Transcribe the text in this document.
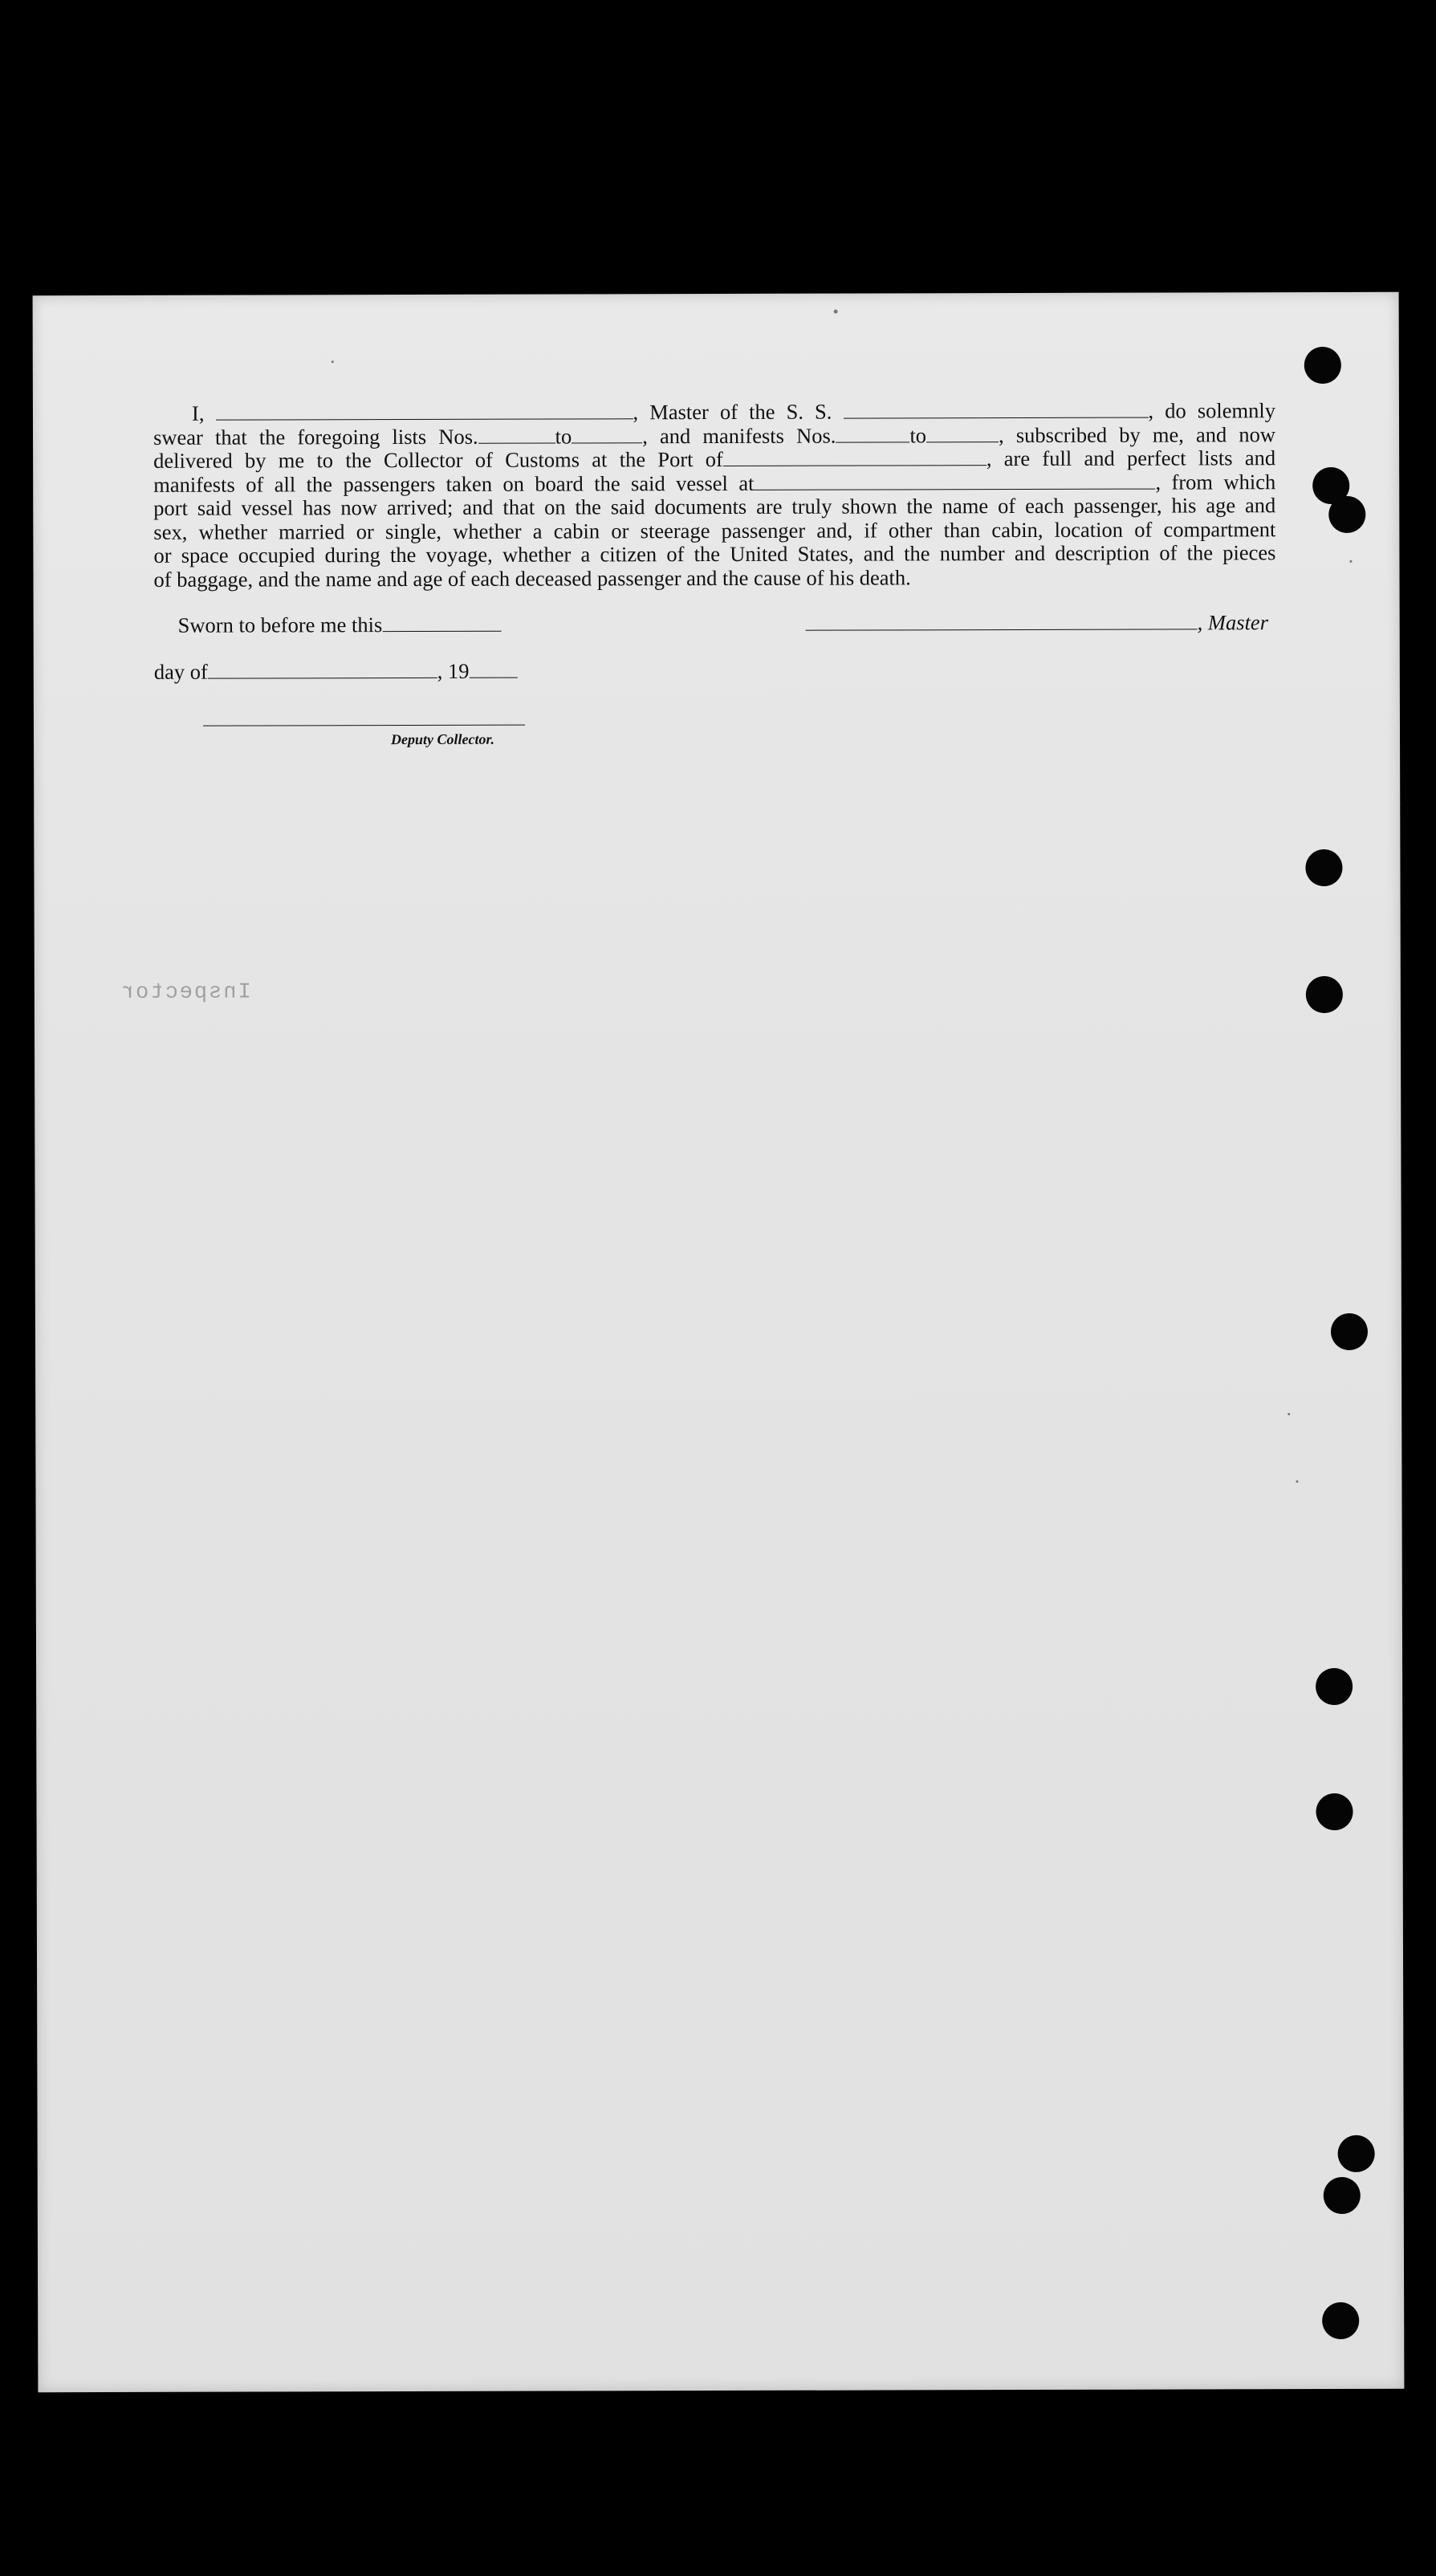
I,	, Master of the S. S.	, do solemnly
swear that the foregoing lists Nos.	to	, and manifests Nos.	to	, subscribed by me, and now
delivered by me to the Collector of Customs at the Port of	, are full and perfect lists and
manifests of all the passengers taken on board the said vessel at	, from which
port said vessel has now arrived; and that on the said documents are truly shown the name of each passenger, his age and
sex, whether married or single, whether a cabin or steerage passenger and, if other than cabin, location of compartment
or space occupied during the voyage, whether a citizen of the United States, and the number and description of the pieces
of baggage, and the name and age of each deceased passenger and the cause of his death.
Sworn to before me this	, Master
day of	, 19
Deputy Collector.
Inspector
